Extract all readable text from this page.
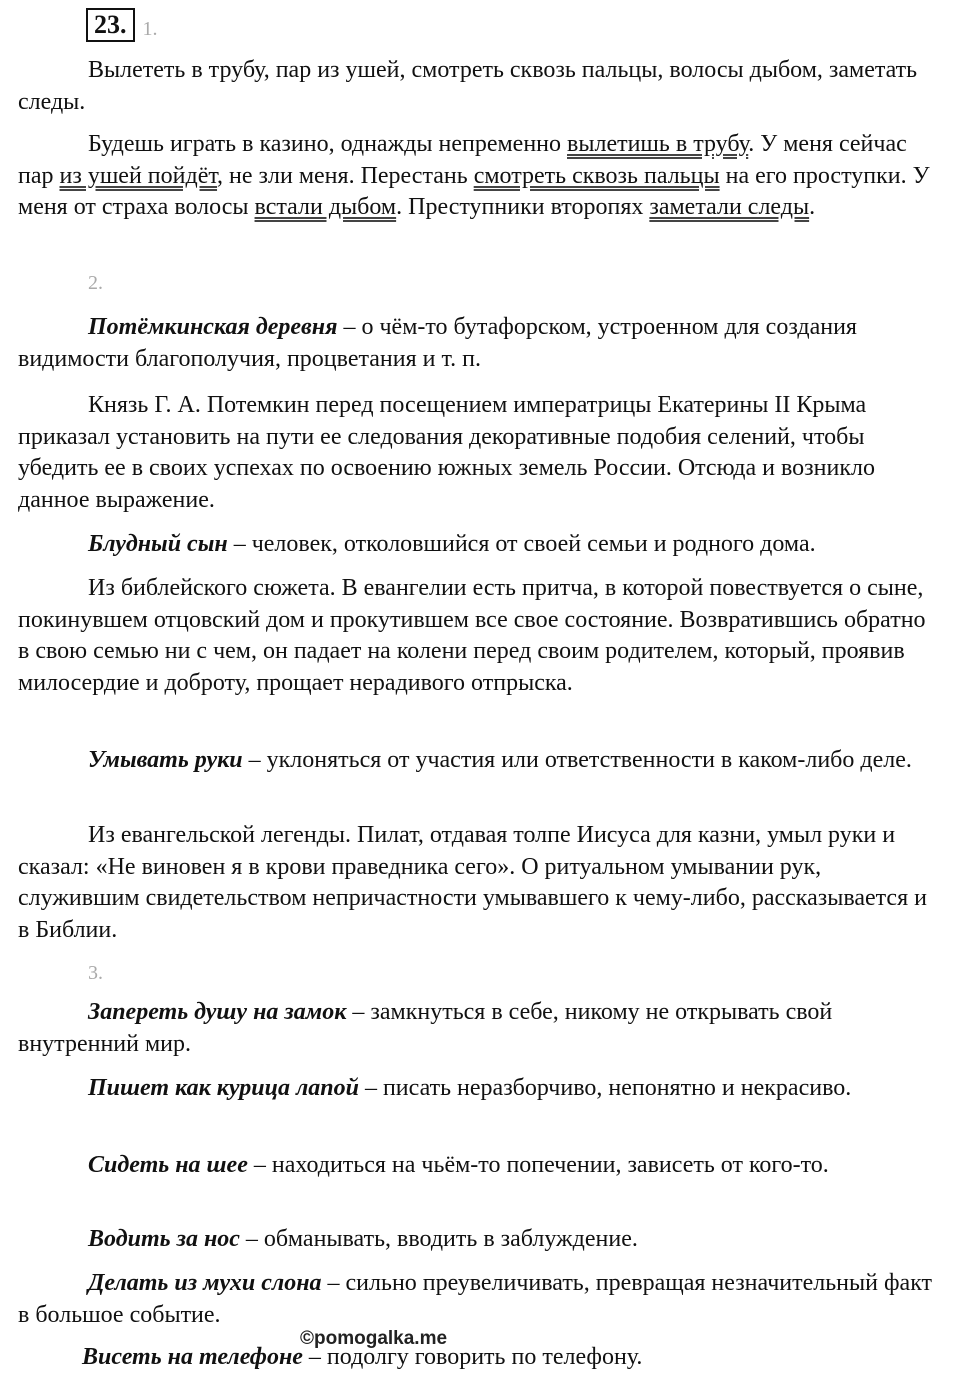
23. 1.

Вылететь в трубу, пар из ушей, смотреть сквозь пальцы, волосы дыбом, заметать следы.

Будешь играть в казино, однажды непременно вылетишь в трубу. У меня сейчас пар из ушей пойдёт, не зли меня. Перестань смотреть сквозь пальцы на его проступки. У меня от страха волосы встали дыбом. Преступники второпях заметали следы.

2.

Потёмкинская деревня – о чём-то бутафорском, устроенном для создания видимости благополучия, процветания и т. п.

Князь Г. А. Потемкин перед посещением императрицы Екатерины II Крыма приказал установить на пути ее следования декоративные подобия селений, чтобы убедить ее в своих успехах по освоению южных земель России. Отсюда и возникло данное выражение.

Блудный сын – человек, отколовшийся от своей семьи и родного дома.

Из библейского сюжета. В евангелии есть притча, в которой повествуется о сыне, покинувшем отцовский дом и прокутившем все свое состояние. Возвратившись обратно в свою семью ни с чем, он падает на колени перед своим родителем, который, проявив милосердие и доброту, прощает нерадивого отпрыска.

Умывать руки – уклоняться от участия или ответственности в каком-либо деле.

Из евангельской легенды. Пилат, отдавая толпе Иисуса для казни, умыл руки и сказал: «Не виновен я в крови праведника сего». О ритуальном умывании рук, служившим свидетельством непричастности умывавшего к чему-либо, рассказывается и в Библии.

3.

Запереть душу на замок – замкнуться в себе, никому не открывать свой внутренний мир.

Пишет как курица лапой – писать неразборчиво, непонятно и некрасиво.

Сидеть на шее – находиться на чьём-то попечении, зависеть от кого-то.

Водить за нос – обманывать, вводить в заблуждение.

Делать из мухи слона – сильно преувеличивать, превращая незначительный факт в большое событие.

©pomogalka.me

Висеть на телефоне – подолгу говорить по телефону.
